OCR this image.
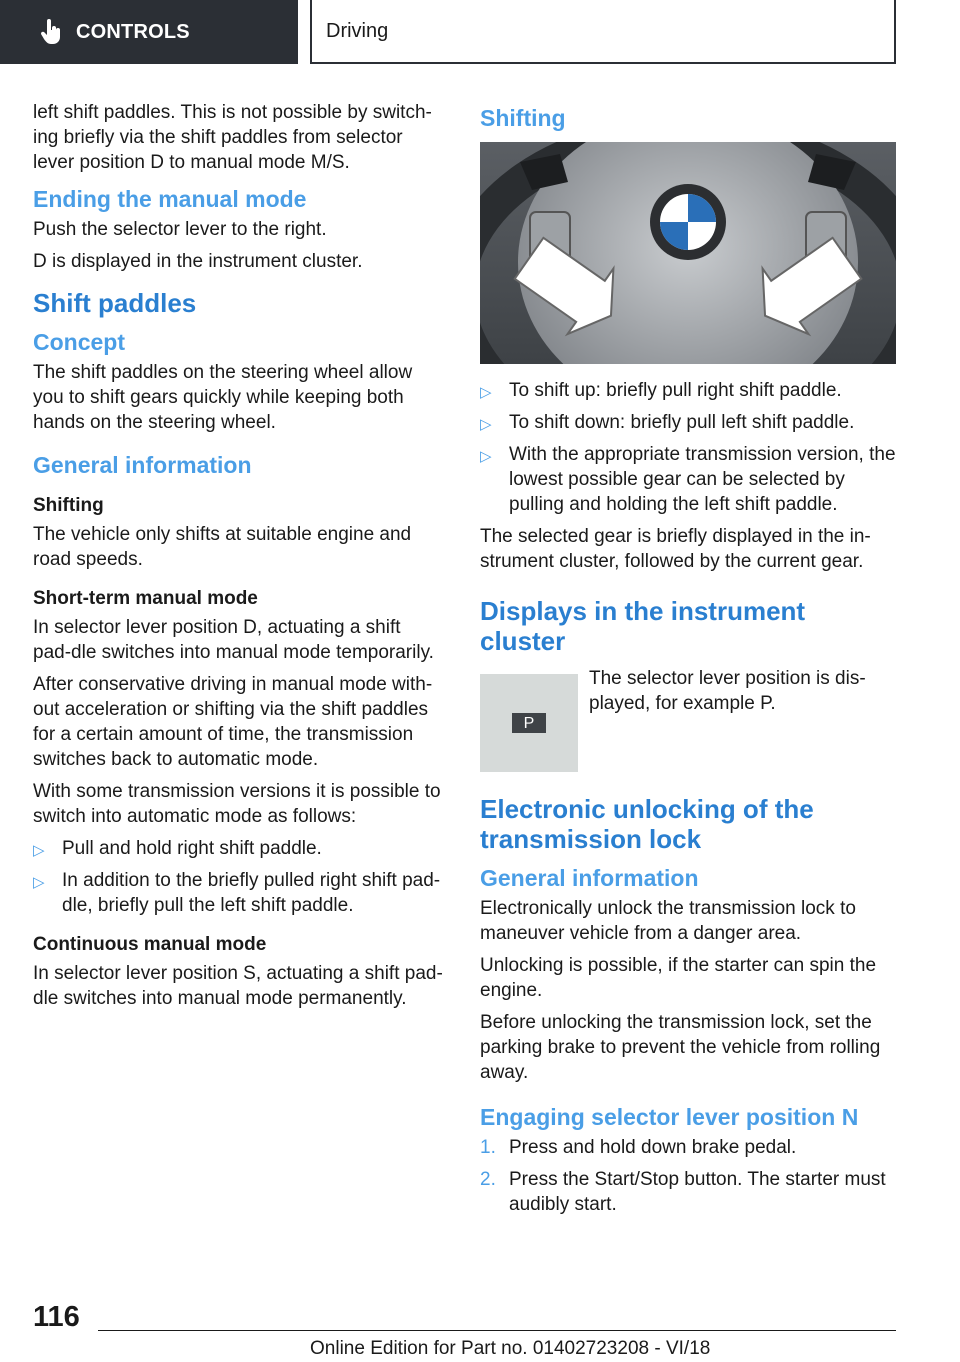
CONTROLS	Driving

left shift paddles. This is not possible by switch‐ing briefly via the shift paddles from selector lever position D to manual mode M/S.

Ending the manual mode

Push the selector lever to the right.

D is displayed in the instrument cluster.

Shift paddles
Concept

The shift paddles on the steering wheel allow you to shift gears quickly while keeping both hands on the steering wheel.

General information
Shifting

The vehicle only shifts at suitable engine and road speeds.

Short-term manual mode

In selector lever position D, actuating a shift pad‐dle switches into manual mode temporarily.

After conservative driving in manual mode with‐out acceleration or shifting via the shift paddles for a certain amount of time, the transmission switches back to automatic mode.

With some transmission versions it is possible to switch into automatic mode as follows:

▷ Pull and hold right shift paddle.
▷ In addition to the briefly pulled right shift pad‐dle, briefly pull the left shift paddle.
Continuous manual mode

In selector lever position S, actuating a shift pad‐dle switches into manual mode permanently.

Shifting
▷ To shift up: briefly pull right shift paddle.
▷ To shift down: briefly pull left shift paddle.
▷ With the appropriate transmission version, the lowest possible gear can be selected by pulling and holding the left shift paddle.

The selected gear is briefly displayed in the in‐strument cluster, followed by the current gear.

Displays in the instrument cluster
P

The selector lever position is dis‐played, for example P.

Electronic unlocking of the transmission lock
General information

Electronically unlock the transmission lock to maneuver vehicle from a danger area.

Unlocking is possible, if the starter can spin the engine.

Before unlocking the transmission lock, set the parking brake to prevent the vehicle from rolling away.

Engaging selector lever position N
1. Press and hold down brake pedal.
2. Press the Start/Stop button. The starter must audibly start.
116
Online Edition for Part no. 01402723208 - VI/18
